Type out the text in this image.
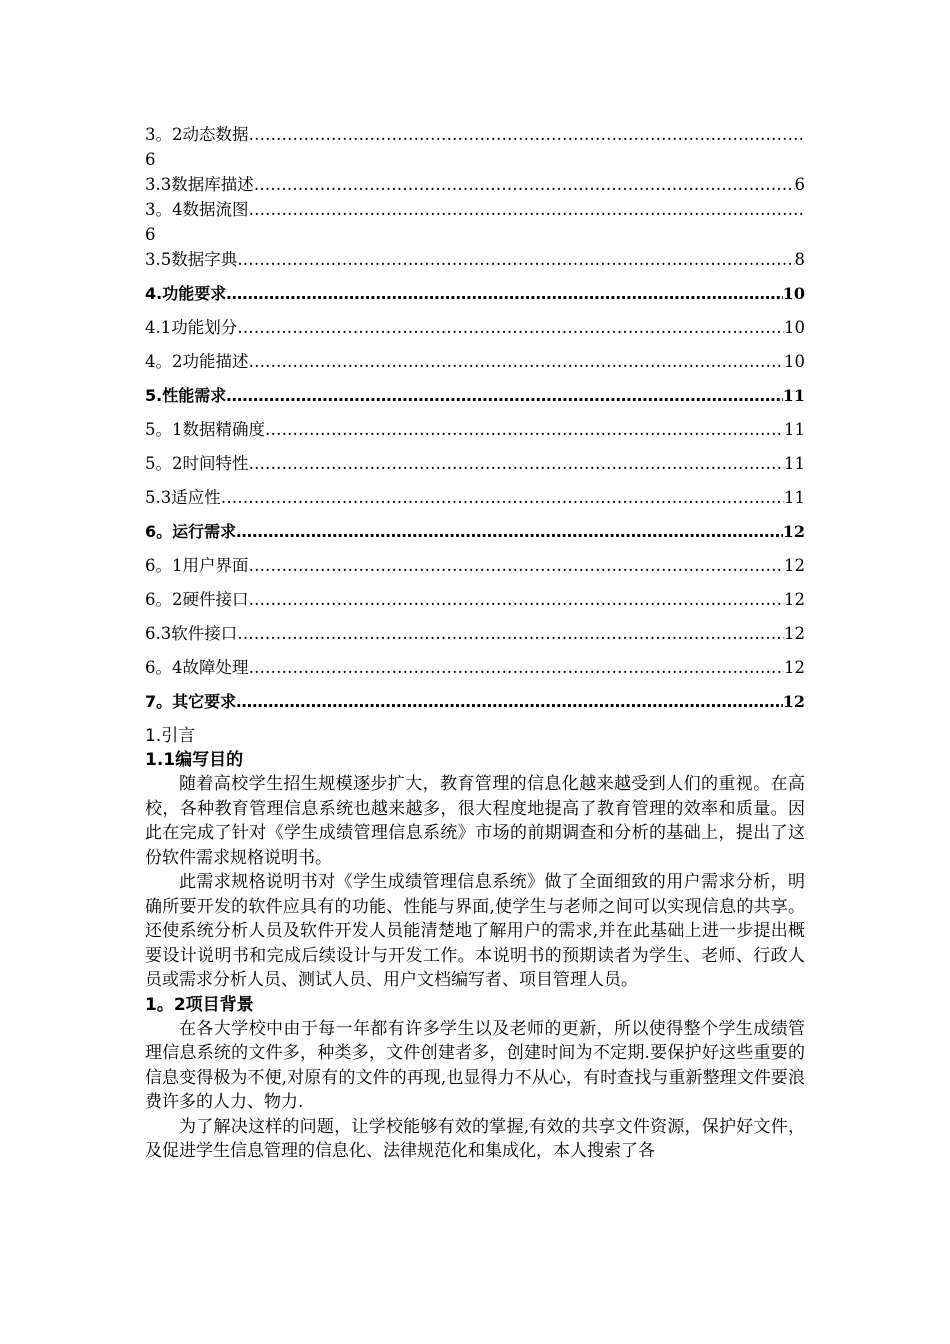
3。2动态数据
…………………………………………………………………………………………………………………………………………………………………………
6
3.3数据库描述 …………………………………………………………………………………………………………………………………………………………………………	6
3。4数据流图
…………………………………………………………………………………………………………………………………………………………………………
6
3.5数据字典 …………………………………………………………………………………………………………………………………………………………………………	8
4.功能要求 …………………………………………………………………………………………………………………………………………………………………………	10
4.1功能划分 …………………………………………………………………………………………………………………………………………………………………………	10
4。2功能描述 …………………………………………………………………………………………………………………………………………………………………………	10
5.性能需求 …………………………………………………………………………………………………………………………………………………………………………	11
5。1数据精确度 …………………………………………………………………………………………………………………………………………………………………………	11
5。2时间特性 …………………………………………………………………………………………………………………………………………………………………………	11
5.3适应性 …………………………………………………………………………………………………………………………………………………………………………	11
6。运行需求 …………………………………………………………………………………………………………………………………………………………………………	12
6。1用户界面 …………………………………………………………………………………………………………………………………………………………………………	12
6。2硬件接口 …………………………………………………………………………………………………………………………………………………………………………	12
6.3软件接口 …………………………………………………………………………………………………………………………………………………………………………	12
6。4故障处理 …………………………………………………………………………………………………………………………………………………………………………	12
7。其它要求 …………………………………………………………………………………………………………………………………………………………………………	12

1.引言

1.1编写目的

随着高校学生招生规模逐步扩大，教育管理的信息化越来越受到人们的重视。在高校，各种教育管理信息系统也越来越多，很大程度地提高了教育管理的效率和质量。因此在完成了针对《学生成绩管理信息系统》市场的前期调查和分析的基础上，提出了这份软件需求规格说明书。

此需求规格说明书对《学生成绩管理信息系统》做了全面细致的用户需求分析，明确所要开发的软件应具有的功能、性能与界面,使学生与老师之间可以实现信息的共享。还使系统分析人员及软件开发人员能清楚地了解用户的需求,并在此基础上进一步提出概要设计说明书和完成后续设计与开发工作。本说明书的预期读者为学生、老师、行政人员或需求分析人员、测试人员、用户文档编写者、项目管理人员。

1。2项目背景

在各大学校中由于每一年都有许多学生以及老师的更新，所以使得整个学生成绩管理信息系统的文件多，种类多，文件创建者多，创建时间为不定期.要保护好这些重要的信息变得极为不便,对原有的文件的再现,也显得力不从心，有时查找与重新整理文件要浪费许多的人力、物力.

为了解决这样的问题，让学校能够有效的掌握,有效的共享文件资源，保护好文件，及促进学生信息管理的信息化、法律规范化和集成化，本人搜索了各
